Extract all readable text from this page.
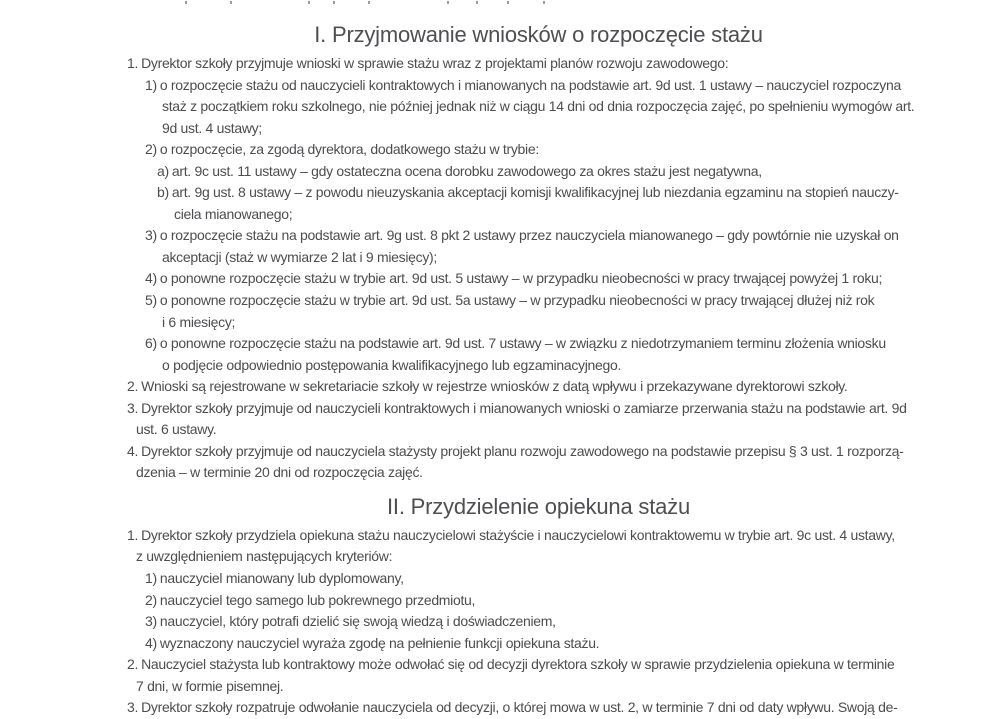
I. Przyjmowanie wniosków o rozpoczęcie stażu
1. Dyrektor szkoły przyjmuje wnioski w sprawie stażu wraz z projektami planów rozwoju zawodowego:
1) o rozpoczęcie stażu od nauczycieli kontraktowych i mianowanych na podstawie art. 9d ust. 1 ustawy – nauczyciel rozpoczyna
staż z początkiem roku szkolnego, nie później jednak niż w ciągu 14 dni od dnia rozpoczęcia zajęć, po spełnieniu wymogów art.
9d ust. 4 ustawy;
2) o rozpoczęcie, za zgodą dyrektora, dodatkowego stażu w trybie:
a) art. 9c ust. 11 ustawy – gdy ostateczna ocena dorobku zawodowego za okres stażu jest negatywna,
b) art. 9g ust. 8 ustawy – z powodu nieuzyskania akceptacji komisji kwalifikacyjnej lub niezdania egzaminu na stopień nauczy-
ciela mianowanego;
3) o rozpoczęcie stażu na podstawie art. 9g ust. 8 pkt 2 ustawy przez nauczyciela mianowanego – gdy powtórnie nie uzyskał on
akceptacji (staż w wymiarze 2 lat i 9 miesięcy);
4) o ponowne rozpoczęcie stażu w trybie art. 9d ust. 5 ustawy – w przypadku nieobecności w pracy trwającej powyżej 1 roku;
5) o ponowne rozpoczęcie stażu w trybie art. 9d ust. 5a ustawy – w przypadku nieobecności w pracy trwającej dłużej niż rok
i 6 miesięcy;
6) o ponowne rozpoczęcie stażu na podstawie art. 9d ust. 7 ustawy – w związku z niedotrzymaniem terminu złożenia wniosku
o podjęcie odpowiednio postępowania kwalifikacyjnego lub egzaminacyjnego.
2. Wnioski są rejestrowane w sekretariacie szkoły w rejestrze wniosków z datą wpływu i przekazywane dyrektorowi szkoły.
3. Dyrektor szkoły przyjmuje od nauczycieli kontraktowych i mianowanych wnioski o zamiarze przerwania stażu na podstawie art. 9d
ust. 6 ustawy.
4. Dyrektor szkoły przyjmuje od nauczyciela stażysty projekt planu rozwoju zawodowego na podstawie przepisu § 3 ust. 1 rozporzą-
dzenia – w terminie 20 dni od rozpoczęcia zajęć.
II. Przydzielenie opiekuna stażu
1. Dyrektor szkoły przydziela opiekuna stażu nauczycielowi stażyście i nauczycielowi kontraktowemu w trybie art. 9c ust. 4 ustawy,
z uwzględnieniem następujących kryteriów:
1) nauczyciel mianowany lub dyplomowany,
2) nauczyciel tego samego lub pokrewnego przedmiotu,
3) nauczyciel, który potrafi dzielić się swoją wiedzą i doświadczeniem,
4) wyznaczony nauczyciel wyraża zgodę na pełnienie funkcji opiekuna stażu.
2. Nauczyciel stażysta lub kontraktowy może odwołać się od decyzji dyrektora szkoły w sprawie przydzielenia opiekuna w terminie
7 dni, w formie pisemnej.
3. Dyrektor szkoły rozpatruje odwołanie nauczyciela od decyzji, o której mowa w ust. 2, w terminie 7 dni od daty wpływu. Swoją de-
